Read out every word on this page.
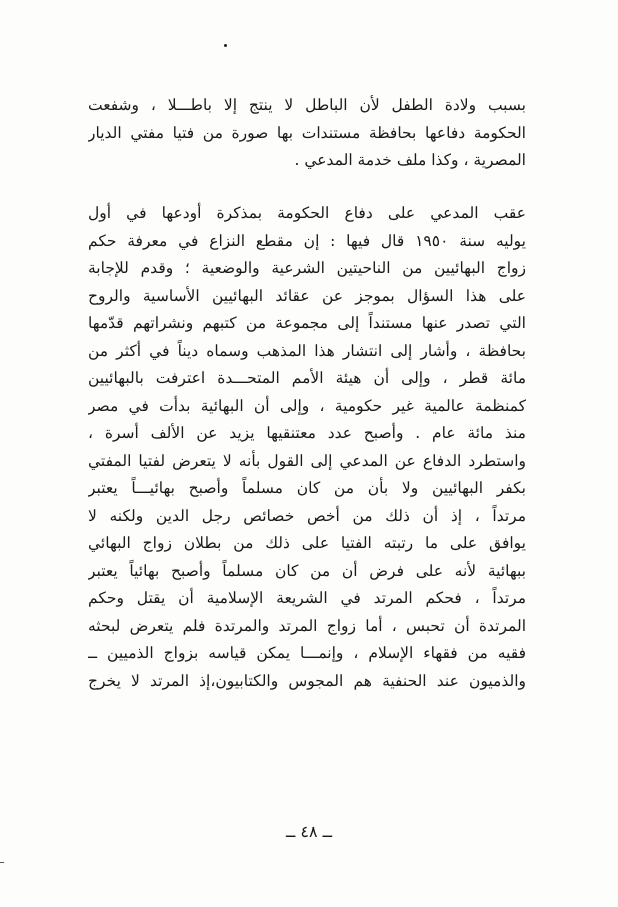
بسبب ولادة الطفل لأن الباطل لا ينتج إلا باطـــلا ، وشفعت
الحكومة دفاعها بحافظة مستندات بها صورة من فتيا مفتي الديار
المصرية ، وكذا ملف خدمة المدعي .
عقب المدعي على دفاع الحكومة بمذكرة أودعها في أول
يوليه سنة ١٩٥٠ قال فيها : إن مقطع النزاع في معرفة حكم
زواج البهائيين من الناحيتين الشرعية والوضعية ؛ وقدم للإجابة
على هذا السؤال بموجز عن عقائد البهائيين الأساسية والروح
التي تصدر عنها مستنداً إلى مجموعة من كتبهم ونشراتهم قدّمها
بحافظة ، وأشار إلى انتشار هذا المذهب وسماه ديناً في أكثر من
مائة قطر ، وإلى أن هيئة الأمم المتحـــدة اعترفت بالبهائيين
كمنظمة عالمية غير حكومية ، وإلى أن البهائية بدأت في مصر
منذ مائة عام . وأصبح عدد معتنقيها يزيد عن الألف أسرة ،
واستطرد الدفاع عن المدعي إلى القول بأنه لا يتعرض لفتيا المفتي
بكفر البهائيين ولا بأن من كان مسلماً وأصبح بهائيـــاً يعتبر
مرتداً ، إذ أن ذلك من أخص خصائص رجل الدين ولكنه لا
يوافق على ما رتبته الفتيا على ذلك من بطلان زواج البهائي
ببهائية لأنه على فرض أن من كان مسلماً وأصبح بهائياً يعتبر
مرتداً ، فحكم المرتد في الشريعة الإسلامية أن يقتل وحكم
المرتدة أن تحبس ، أما زواج المرتد والمرتدة فلم يتعرض لبحثه
فقيه من فقهاء الإسلام ، وإنمـــا يمكن قياسه بزواج الذميين ــ
والذميون عند الحنفية هم المجوس والكتابيون،إذ المرتد لا يخرج
ــ ٤٨ ــ
